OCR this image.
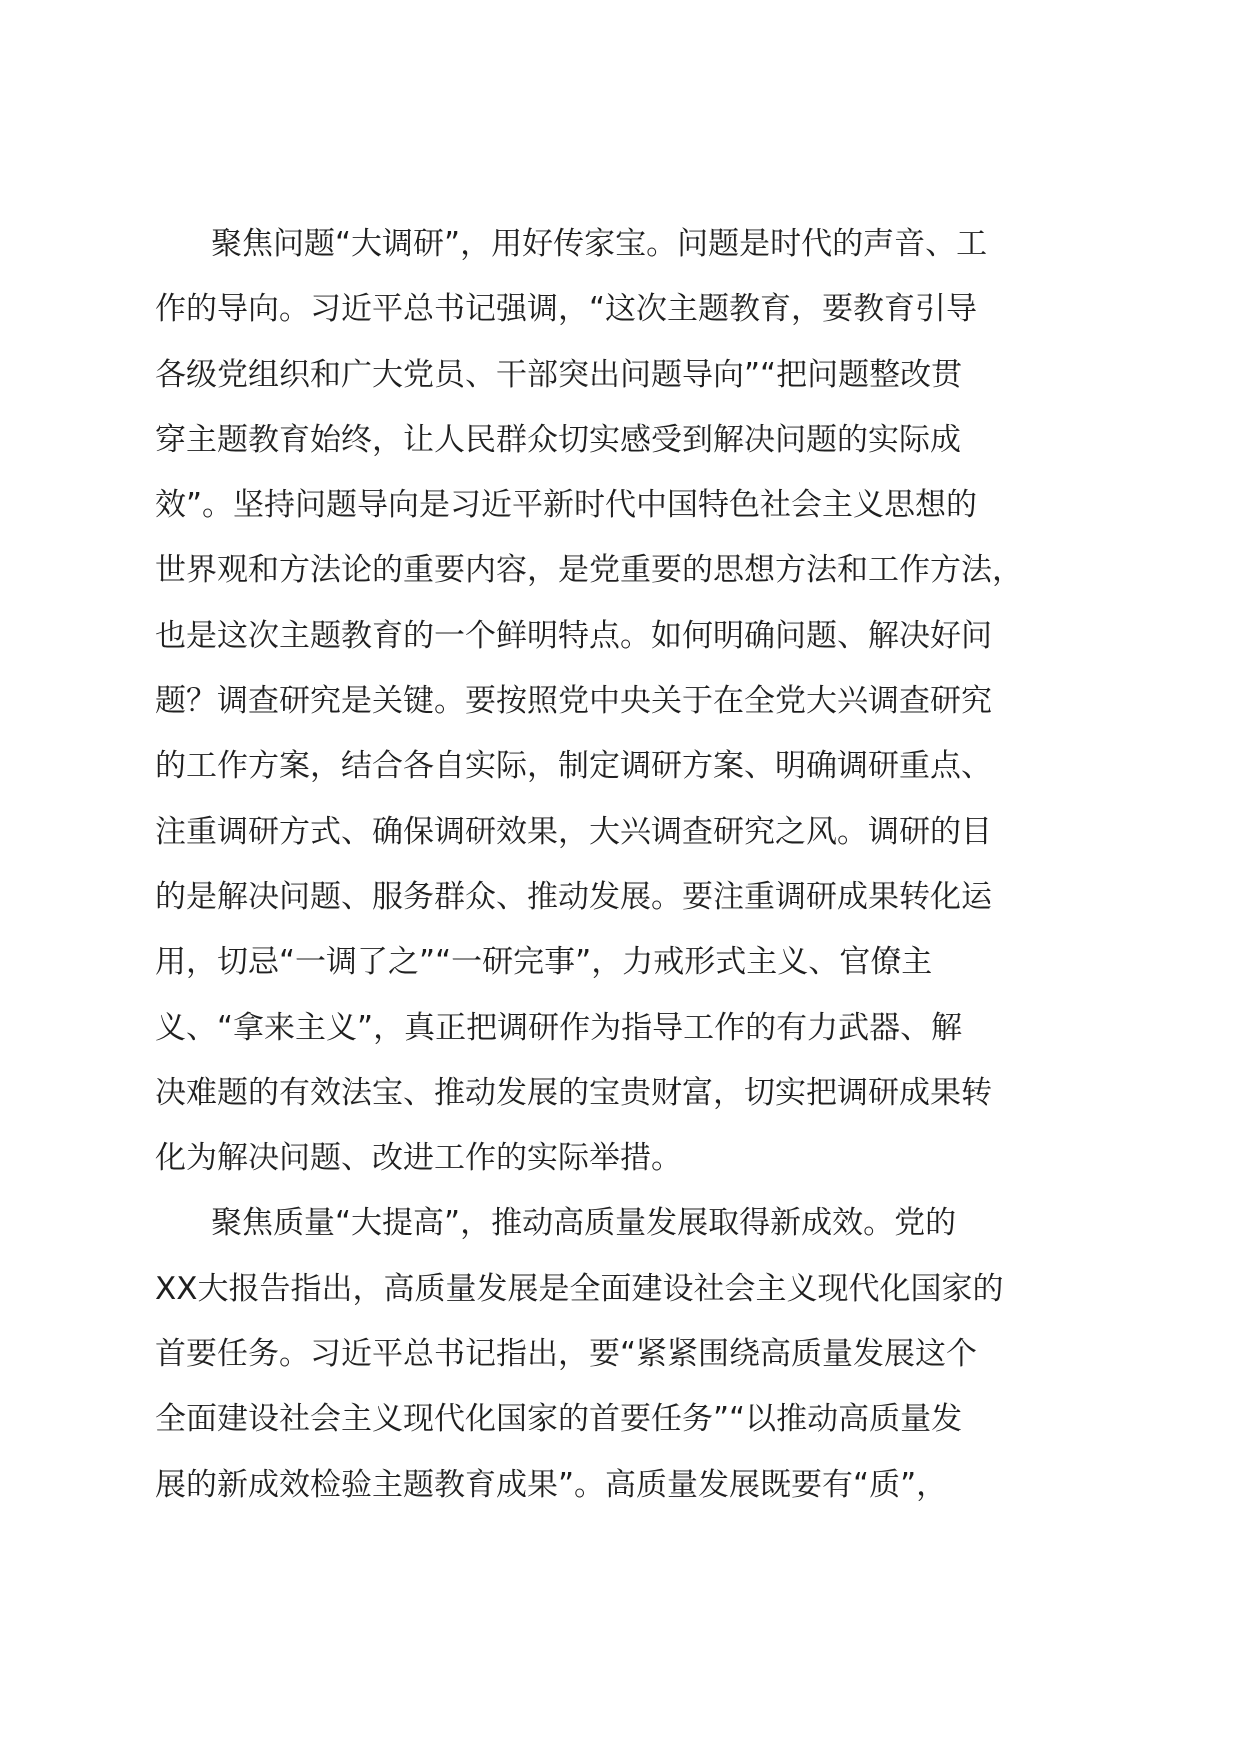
聚焦问题“大调研”，用好传家宝。问题是时代的声音、工
作的导向。习近平总书记强调，“这次主题教育，要教育引导
各级党组织和广大党员、干部突出问题导向”“把问题整改贯
穿主题教育始终，让人民群众切实感受到解决问题的实际成
效”。坚持问题导向是习近平新时代中国特色社会主义思想的
世界观和方法论的重要内容，是党重要的思想方法和工作方法，
也是这次主题教育的一个鲜明特点。如何明确问题、解决好问
题？调查研究是关键。要按照党中央关于在全党大兴调查研究
的工作方案，结合各自实际，制定调研方案、明确调研重点、
注重调研方式、确保调研效果，大兴调查研究之风。调研的目
的是解决问题、服务群众、推动发展。要注重调研成果转化运
用，切忌“一调了之”“一研完事”，力戒形式主义、官僚主
义、“拿来主义”，真正把调研作为指导工作的有力武器、解
决难题的有效法宝、推动发展的宝贵财富，切实把调研成果转
化为解决问题、改进工作的实际举措。
聚焦质量“大提高”，推动高质量发展取得新成效。党的
XX大报告指出，高质量发展是全面建设社会主义现代化国家的
首要任务。习近平总书记指出，要“紧紧围绕高质量发展这个
全面建设社会主义现代化国家的首要任务”“以推动高质量发
展的新成效检验主题教育成果”。高质量发展既要有“质”，
